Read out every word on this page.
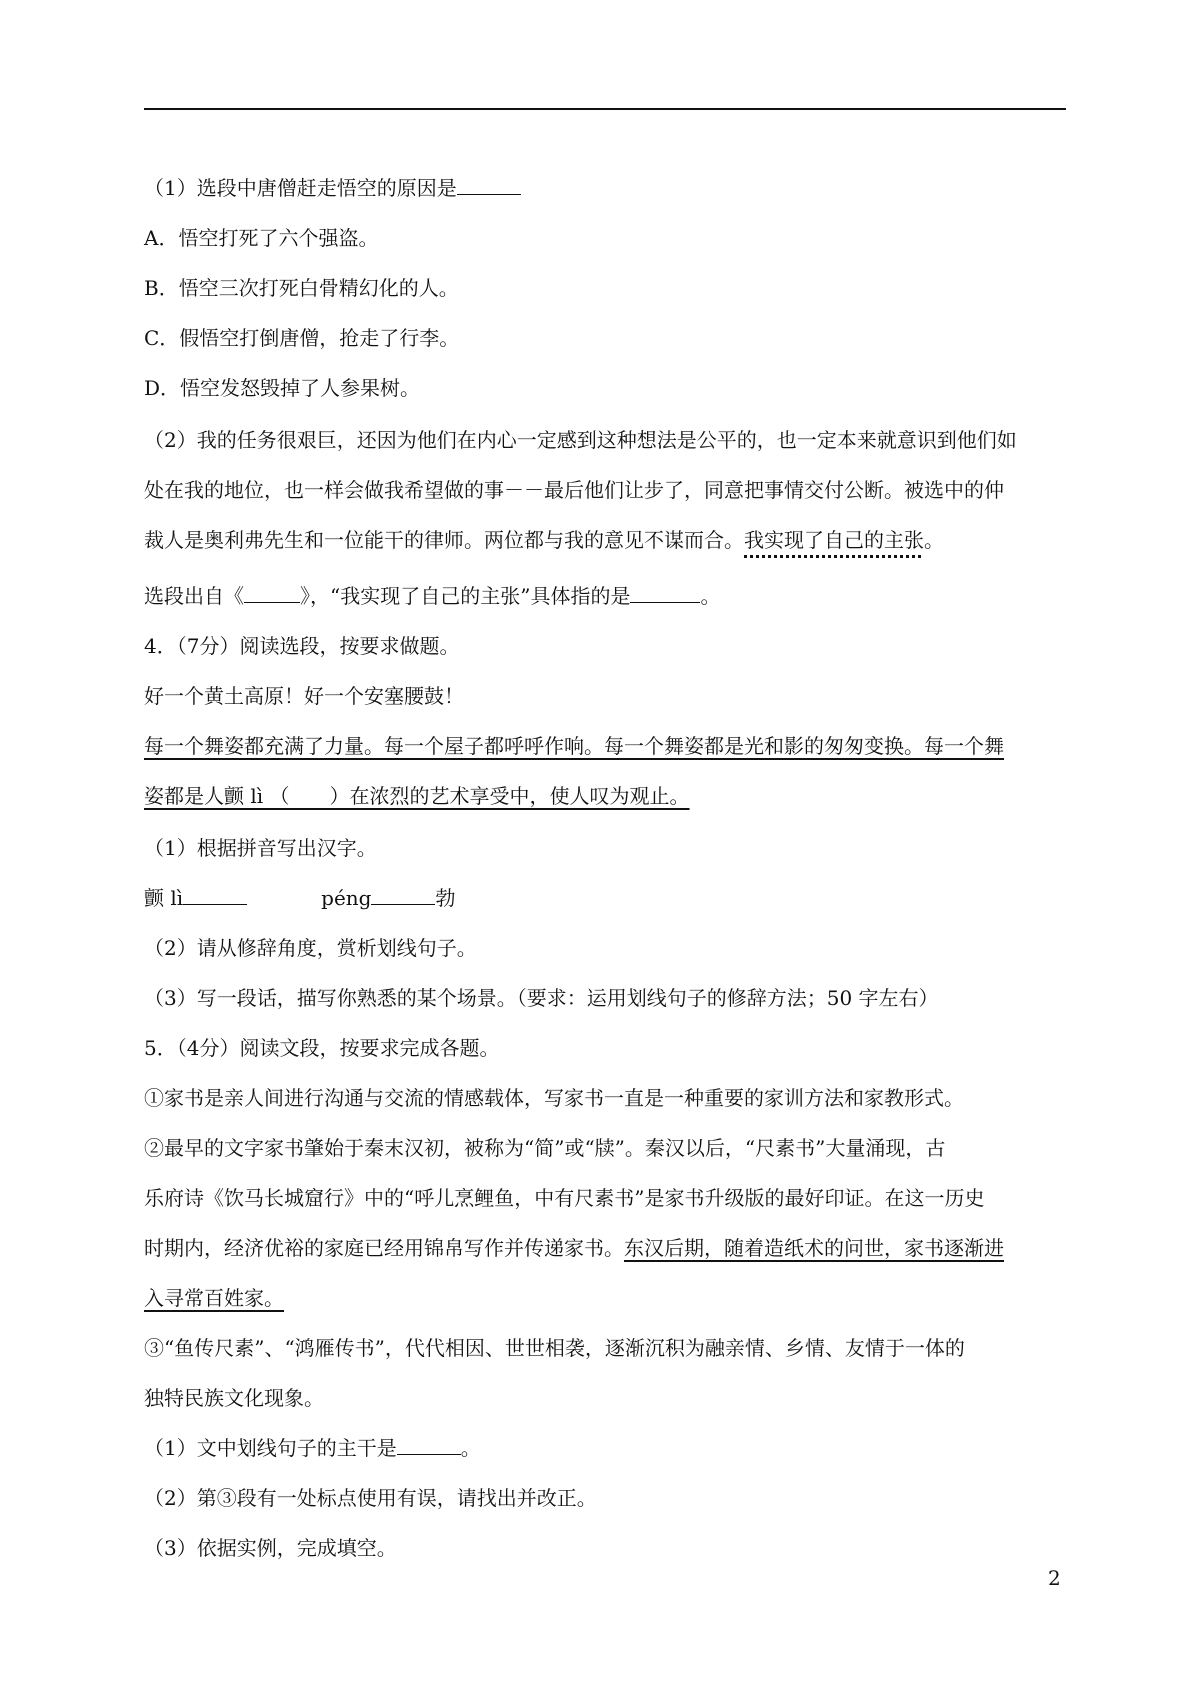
（1）选段中唐僧赶走悟空的原因是
A．悟空打死了六个强盗。
B．悟空三次打死白骨精幻化的人。
C．假悟空打倒唐僧，抢走了行李。
D．悟空发怒毁掉了人参果树。
（2）我的任务很艰巨，还因为他们在内心一定感到这种想法是公平的，也一定本来就意识到他们如
处在我的地位，也一样会做我希望做的事－－最后他们让步了，同意把事情交付公断。被选中的仲
裁人是奥利弗先生和一位能干的律师。两位都与我的意见不谋而合。我实现了自己的主张。
选段出自《	》，“我实现了自己的主张”具体指的是	。
4．（7分）阅读选段，按要求做题。
好一个黄土高原！好一个安塞腰鼓！
每一个舞姿都充满了力量。每一个屋子都呼呼作响。每一个舞姿都是光和影的匆匆变换。每一个舞
姿都是人颤 lì （　　）在浓烈的艺术享受中，使人叹为观止。
（1）根据拼音写出汉字。
颤 lì	péng	勃
（2）请从修辞角度，赏析划线句子。
（3）写一段话，描写你熟悉的某个场景。（要求：运用划线句子的修辞方法；50 字左右）
5．（4分）阅读文段，按要求完成各题。
①家书是亲人间进行沟通与交流的情感载体，写家书一直是一种重要的家训方法和家教形式。
②最早的文字家书肇始于秦末汉初，被称为“简”或“牍”。秦汉以后，“尺素书”大量涌现，古
乐府诗《饮马长城窟行》中的“呼儿烹鲤鱼，中有尺素书”是家书升级版的最好印证。在这一历史
时期内，经济优裕的家庭已经用锦帛写作并传递家书。东汉后期，随着造纸术的问世，家书逐渐进
入寻常百姓家。
③“鱼传尺素”、“鸿雁传书”，代代相因、世世相袭，逐渐沉积为融亲情、乡情、友情于一体的
独特民族文化现象。
（1）文中划线句子的主干是	。
（2）第③段有一处标点使用有误，请找出并改正。
（3）依据实例，完成填空。
2
